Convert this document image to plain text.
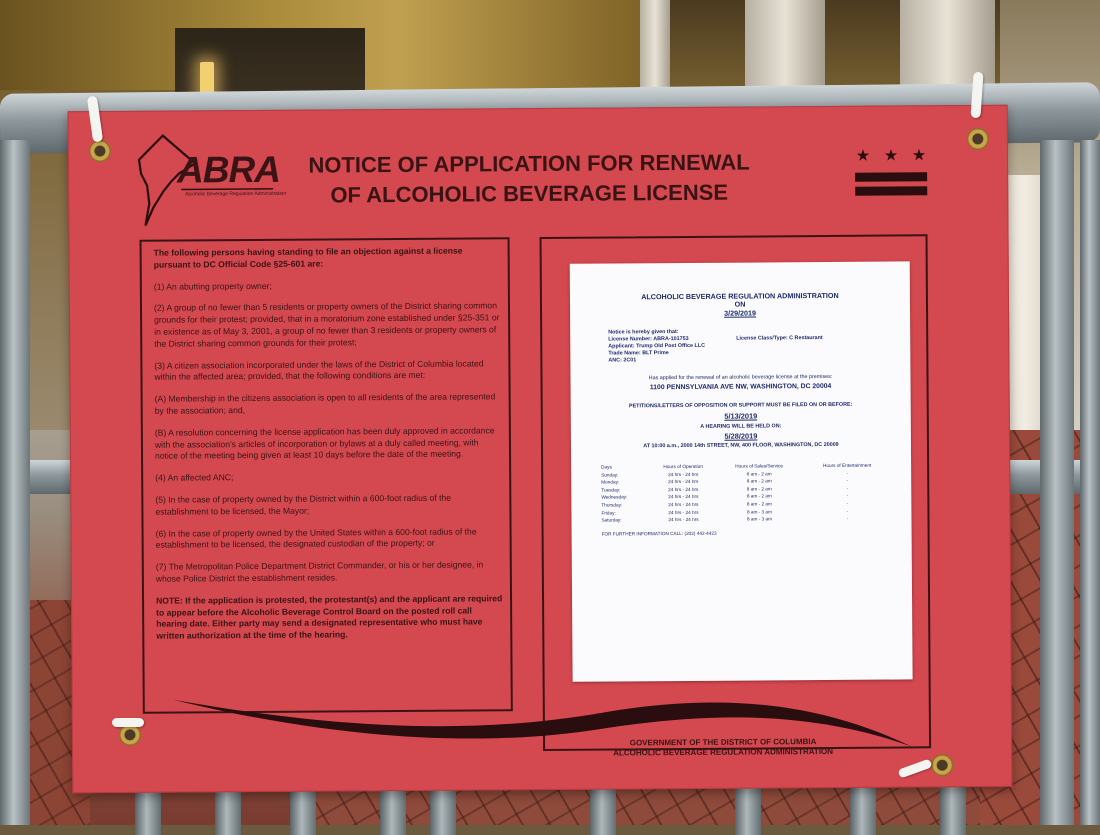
ABRA
Alcoholic Beverage Regulation Administration
NOTICE OF APPLICATION FOR RENEWAL
OF ALCOHOLIC BEVERAGE LICENSE
★ ★ ★

The following persons having standing to file an objection against a license pursuant to DC Official Code §25-601 are:

(1) An abutting property owner;

(2) A group of no fewer than 5 residents or property owners of the District sharing common grounds for their protest; provided, that in a moratorium zone established under §25-351 or in existence as of May 3, 2001, a group of no fewer than 3 residents or property owners of the District sharing common grounds for their protest;

(3) A citizen association incorporated under the laws of the District of Columbia located within the affected area; provided, that the following conditions are met:

(A) Membership in the citizens association is open to all residents of the area represented by the association; and,

(B) A resolution concerning the license application has been duly approved in accordance with the association's articles of incorporation or bylaws at a duly called meeting, with notice of the meeting being given at least 10 days before the date of the meeting.

(4) An affected ANC;

(5) In the case of property owned by the District within a 600-foot radius of the establishment to be licensed, the Mayor;

(6) In the case of property owned by the United States within a 600-foot radius of the establishment to be licensed, the designated custodian of the property; or

(7) The Metropolitan Police Department District Commander, or his or her designee, in whose Police District the establishment resides.

NOTE: If the application is protested, the protestant(s) and the applicant are required to appear before the Alcoholic Beverage Control Board on the posted roll call hearing date. Either party may send a designated representative who must have written authorization at the time of the hearing.

ALCOHOLIC BEVERAGE REGULATION ADMINISTRATION
ON
3/29/2019
Notice is hereby given that:
License Number: ABRA-101753	License Class/Type: C Restaurant
Applicant: Trump Old Post Office LLC
Trade Name: BLT Prime
ANC: 2C01
Has applied for the renewal of an alcoholic beverage license at the premises:
1100 PENNSYLVANIA AVE NW, WASHINGTON, DC 20004
PETITIONS/LETTERS OF OPPOSITION OR SUPPORT MUST BE FILED ON OR BEFORE:
5/13/2019
A HEARING WILL BE HELD ON:
5/28/2019
AT 10:00 a.m., 2000 14th STREET, NW, 400 FLOOR, WASHINGTON, DC 20009
Days	Hours of Operation	Hours of Sales/Service	Hours of Entertainment
Sunday:	24 hrs - 24 hrs	8 am - 2 am	-
Monday:	24 hrs - 24 hrs	8 am - 2 am	-
Tuesday:	24 hrs - 24 hrs	8 am - 2 am	-
Wednesday:	24 hrs - 24 hrs	8 am - 2 am	-
Thursday:	24 hrs - 24 hrs	8 am - 2 am	-
Friday:	24 hrs - 24 hrs	8 am - 3 am	-
Saturday:	24 hrs - 24 hrs	8 am - 3 am	-
FOR FURTHER INFORMATION CALL: (202) 442-4423
GOVERNMENT OF THE DISTRICT OF COLUMBIA
ALCOHOLIC BEVERAGE REGULATION ADMINISTRATION
